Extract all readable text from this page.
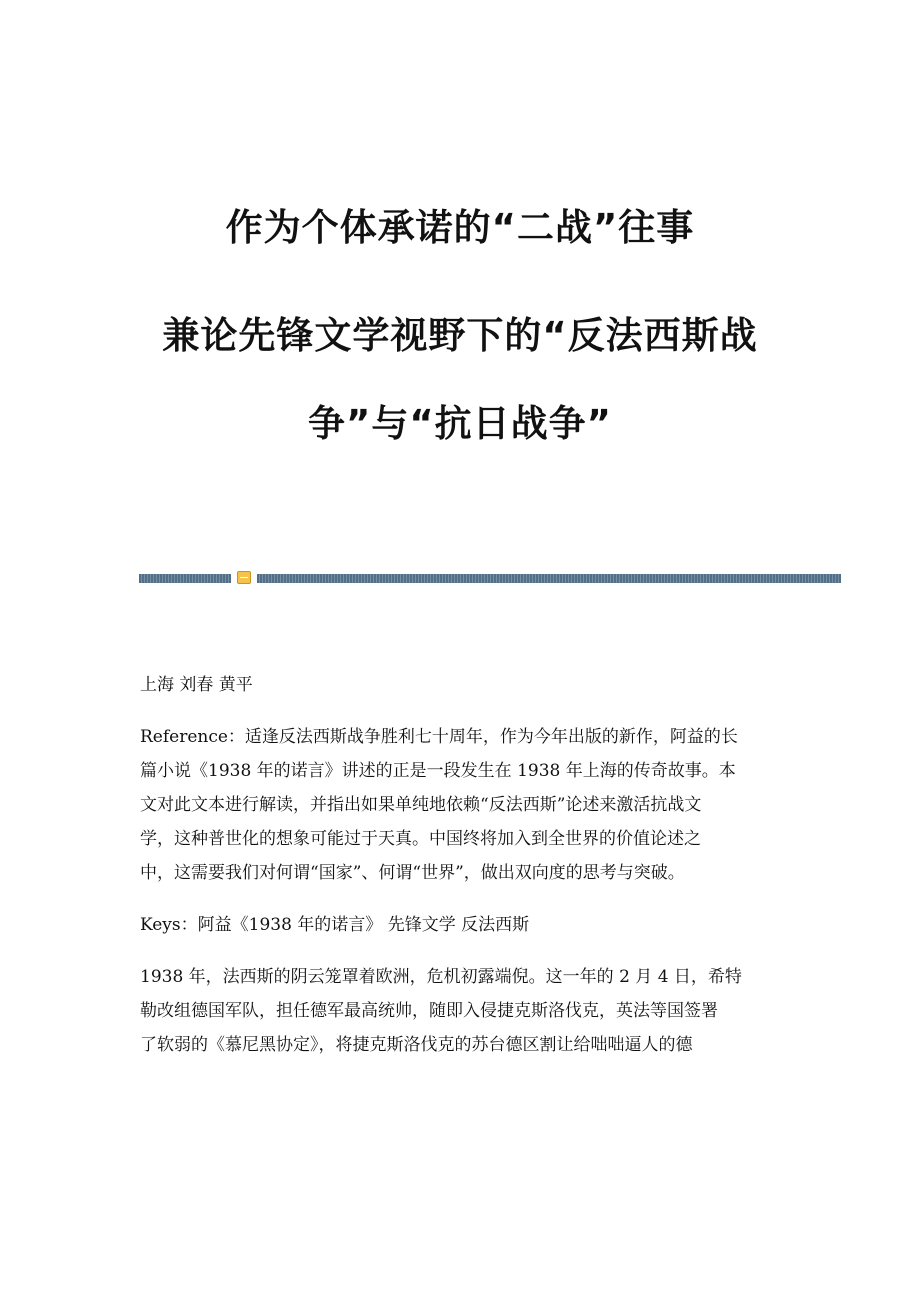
作为个体承诺的“二战”往事
兼论先锋文学视野下的“反法西斯战
争”与“抗日战争”
上海 刘春 黄平
Reference：适逢反法西斯战争胜利七十周年，作为今年出版的新作，阿益的长
篇小说《1938 年的诺言》讲述的正是一段发生在 1938 年上海的传奇故事。本
文对此文本进行解读，并指出如果单纯地依赖“反法西斯”论述来激活抗战文
学，这种普世化的想象可能过于天真。中国终将加入到全世界的价值论述之
中，这需要我们对何谓“国家”、何谓“世界”，做出双向度的思考与突破。
Keys：阿益《1938 年的诺言》 先锋文学 反法西斯
1938 年，法西斯的阴云笼罩着欧洲，危机初露端倪。这一年的 2 月 4 日，希特
勒改组德国军队，担任德军最高统帅，随即入侵捷克斯洛伐克，英法等国签署
了软弱的《慕尼黑协定》，将捷克斯洛伐克的苏台德区割让给咄咄逼人的德
